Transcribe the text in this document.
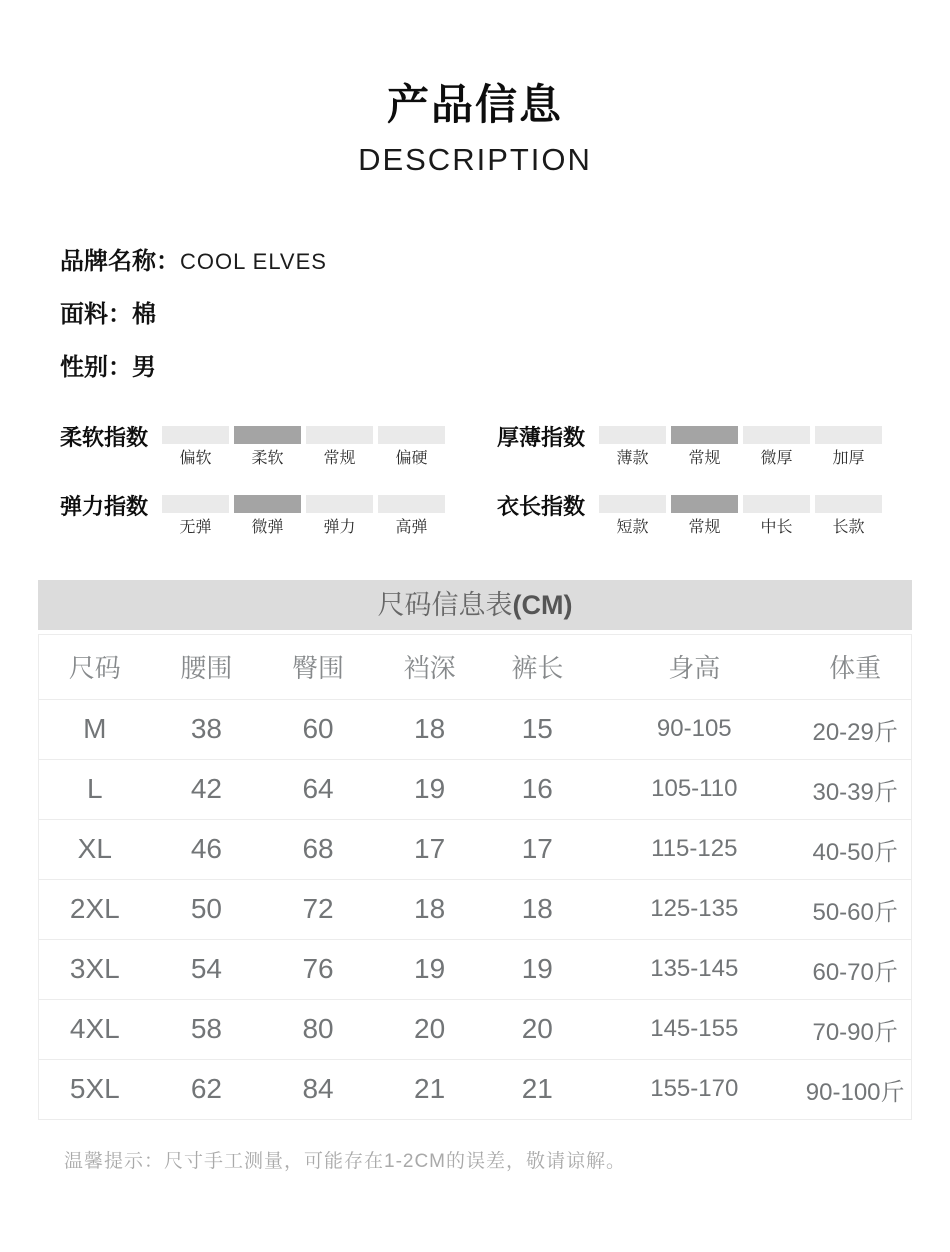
产品信息
DESCRIPTION
品牌名称：COOL ELVES
面料：棉
性别：男
柔软指数
偏软	柔软	常规	偏硬
厚薄指数
薄款	常规	微厚	加厚
弹力指数
无弹	微弹	弹力	高弹
衣长指数
短款	常规	中长	长款
尺码信息表(CM)
尺码	腰围	臀围	裆深	裤长	身高	体重
M	38	60	18	15	90-105	20-29斤
L	42	64	19	16	105-110	30-39斤
XL	46	68	17	17	115-125	40-50斤
2XL	50	72	18	18	125-135	50-60斤
3XL	54	76	19	19	135-145	60-70斤
4XL	58	80	20	20	145-155	70-90斤
5XL	62	84	21	21	155-170	90-100斤
温馨提示：尺寸手工测量，可能存在1-2CM的误差，敬请谅解。
